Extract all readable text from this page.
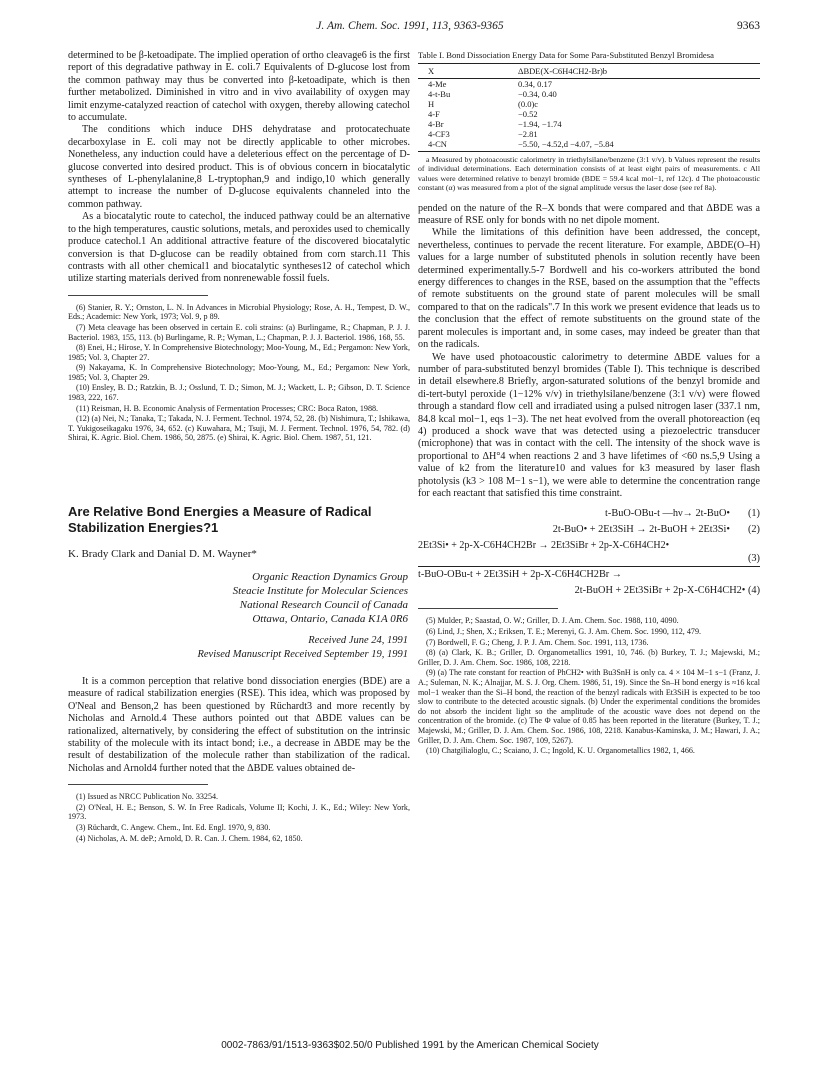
J. Am. Chem. Soc. 1991, 113, 9363-9365	9363

determined to be β-ketoadipate. The implied operation of ortho cleavage6 is the first report of this degradative pathway in E. coli.7 Equivalents of D-glucose lost from the common pathway may thus be converted into β-ketoadipate, which is then further metabolized. Diminished in vitro and in vivo availability of oxygen may limit enzyme-catalyzed reaction of catechol with oxygen, thereby allowing catechol to accumulate.

The conditions which induce DHS dehydratase and protocatechuate decarboxylase in E. coli may not be directly applicable to other microbes. Nonetheless, any induction could have a deleterious effect on the percentage of D-glucose converted into desired product. This is of obvious concern in biocatalytic syntheses of L-phenylalanine,8 L-tryptophan,9 and indigo,10 which generally attempt to increase the number of D-glucose equivalents channeled into the common pathway.

As a biocatalytic route to catechol, the induced pathway could be an alternative to the high temperatures, caustic solutions, metals, and peroxides used to chemically produce catechol.1 An additional attractive feature of the discovered biocatalytic conversion is that D-glucose can be readily obtained from corn starch.11 This contrasts with all other chemical1 and biocatalytic syntheses12 of catechol which utilize starting materials derived from nonrenewable fossil fuels.

(6) Stanier, R. Y.; Ornston, L. N. In Advances in Microbial Physiology; Rose, A. H., Tempest, D. W., Eds.; Academic: New York, 1973; Vol. 9, p 89.

(7) Meta cleavage has been observed in certain E. coli strains: (a) Burlingame, R.; Chapman, P. J. J. Bacteriol. 1983, 155, 113. (b) Burlingame, R. P.; Wyman, L.; Chapman, P. J. J. Bacteriol. 1986, 168, 55.

(8) Enei, H.; Hirose, Y. In Comprehensive Biotechnology; Moo-Young, M., Ed.; Pergamon: New York, 1985; Vol. 3, Chapter 27.

(9) Nakayama, K. In Comprehensive Biotechnology; Moo-Young, M., Ed.; Pergamon: New York, 1985; Vol. 3, Chapter 29.

(10) Ensley, B. D.; Ratzkin, B. J.; Osslund, T. D.; Simon, M. J.; Wackett, L. P.; Gibson, D. T. Science 1983, 222, 167.

(11) Reisman, H. B. Economic Analysis of Fermentation Processes; CRC: Boca Raton, 1988.

(12) (a) Nei, N.; Tanaka, T.; Takada, N. J. Ferment. Technol. 1974, 52, 28. (b) Nishimura, T.; Ishikawa, T. Yukigoseikagaku 1976, 34, 652. (c) Kuwahara, M.; Tsuji, M. J. Ferment. Technol. 1976, 54, 782. (d) Shirai, K. Agric. Biol. Chem. 1986, 50, 2875. (e) Shirai, K. Agric. Biol. Chem. 1987, 51, 121.

Are Relative Bond Energies a Measure of Radical Stabilization Energies?1
K. Brady Clark and Danial D. M. Wayner*
Organic Reaction Dynamics Group
Steacie Institute for Molecular Sciences
National Research Council of Canada
Ottawa, Ontario, Canada K1A 0R6
Received June 24, 1991
Revised Manuscript Received September 19, 1991

It is a common perception that relative bond dissociation energies (BDE) are a measure of radical stabilization energies (RSE). This idea, which was proposed by O'Neal and Benson,2 has been questioned by Rüchardt3 and more recently by Nicholas and Arnold.4 These authors pointed out that ΔBDE values can be rationalized, alternatively, by considering the effect of substitution on the intrinsic stability of the molecule with its intact bond; i.e., a decrease in ΔBDE may be the result of destabilization of the molecule rather than stabilization of the radical. Nicholas and Arnold4 further noted that the ΔBDE values obtained de-

(1) Issued as NRCC Publication No. 33254.

(2) O'Neal, H. E.; Benson, S. W. In Free Radicals, Volume II; Kochi, J. K., Ed.; Wiley: New York, 1973.

(3) Rüchardt, C. Angew. Chem., Int. Ed. Engl. 1970, 9, 830.

(4) Nicholas, A. M. deP.; Arnold, D. R. Can. J. Chem. 1984, 62, 1850.

Table I. Bond Dissociation Energy Data for Some Para-Substituted Benzyl Bromidesa
X	ΔBDE(X-C6H4CH2-Br)b
4-Me	0.34, 0.17
4-t-Bu	−0.34, 0.40
H	(0.0)c
4-F	−0.52
4-Br	−1.94, −1.74
4-CF3	−2.81
4-CN	−5.50, −4.52,d −4.07, −5.84
a Measured by photoacoustic calorimetry in triethylsilane/benzene (3:1 v/v). b Values represent the results of individual determinations. Each determination consists of at least eight pairs of measurements. c All values were determined relative to benzyl bromide (BDE = 59.4 kcal mol−1, ref 12c). d The photoacoustic constant (α) was measured from a plot of the signal amplitude versus the laser dose (see ref 8a).

pended on the nature of the R–X bonds that were compared and that ΔBDE was a measure of RSE only for bonds with no net dipole moment.

While the limitations of this definition have been addressed, the concept, nevertheless, continues to pervade the recent literature. For example, ΔBDE(O–H) values for a large number of substituted phenols in solution recently have been determined experimentally.5-7 Bordwell and his co-workers attributed the bond energy differences to changes in the RSE, based on the assumption that the "effects of remote substituents on the ground state of parent molecules will be small compared to that on the radicals".7 In this work we present evidence that leads us to the conclusion that the effect of remote substituents on the ground state of the parent molecules is important and, in some cases, may indeed be greater than that on the radicals.

We have used photoacoustic calorimetry to determine ΔBDE values for a number of para-substituted benzyl bromides (Table I). This technique is described in detail elsewhere.8 Briefly, argon-saturated solutions of the benzyl bromide and di-tert-butyl peroxide (1−12% v/v) in triethylsilane/benzene (3:1 v/v) were flowed through a standard flow cell and irradiated using a pulsed nitrogen laser (337.1 nm, 84.8 kcal mol−1, eqs 1−3). The net heat evolved from the overall photoreaction (eq 4) produced a shock wave that was detected using a piezoelectric transducer (microphone) that was in contact with the cell. The intensity of the shock wave is proportional to ΔH°4 when reactions 2 and 3 have lifetimes of <60 ns.5,9 Using a value of k2 from the literature10 and values for k3 measured by laser flash photolysis (k3 > 108 M−1 s−1), we were able to determine the concentration range for each reactant that satisfied this time constraint.

t-BuO-OBu-t —hν→ 2t-BuO• (1)
2t-BuO• + 2Et3SiH → 2t-BuOH + 2Et3Si• (2)
2Et3Si• + 2p-X-C6H4CH2Br → 2Et3SiBr + 2p-X-C6H4CH2•
(3)
t-BuO-OBu-t + 2Et3SiH + 2p-X-C6H4CH2Br →
2t-BuOH + 2Et3SiBr + 2p-X-C6H4CH2• (4)

(5) Mulder, P.; Saastad, O. W.; Griller, D. J. Am. Chem. Soc. 1988, 110, 4090.

(6) Lind, J.; Shen, X.; Eriksen, T. E.; Merenyi, G. J. Am. Chem. Soc. 1990, 112, 479.

(7) Bordwell, F. G.; Cheng, J. P. J. Am. Chem. Soc. 1991, 113, 1736.

(8) (a) Clark, K. B.; Griller, D. Organometallics 1991, 10, 746. (b) Burkey, T. J.; Majewski, M.; Griller, D. J. Am. Chem. Soc. 1986, 108, 2218.

(9) (a) The rate constant for reaction of PhCH2• with Bu3SnH is only ca. 4 × 104 M−1 s−1 (Franz, J. A.; Suleman, N. K.; Alnajjar, M. S. J. Org. Chem. 1986, 51, 19). Since the Sn–H bond energy is ≈16 kcal mol−1 weaker than the Si–H bond, the reaction of the benzyl radicals with Et3SiH is expected to be too slow to contribute to the detected acoustic signals. (b) Under the experimental conditions the bromides do not absorb the incident light so the amplitude of the acoustic wave does not depend on the concentration of the bromide. (c) The Φ value of 0.85 has been reported in the literature (Burkey, T. J.; Majewski, M.; Griller, D. J. Am. Chem. Soc. 1986, 108, 2218. Kanabus-Kaminska, J. M.; Hawari, J. A.; Griller, D. J. Am. Chem. Soc. 1987, 109, 5267).

(10) Chatgilialoglu, C.; Scaiano, J. C.; Ingold, K. U. Organometallics 1982, 1, 466.

0002-7863/91/1513-9363$02.50/0 Published 1991 by the American Chemical Society
